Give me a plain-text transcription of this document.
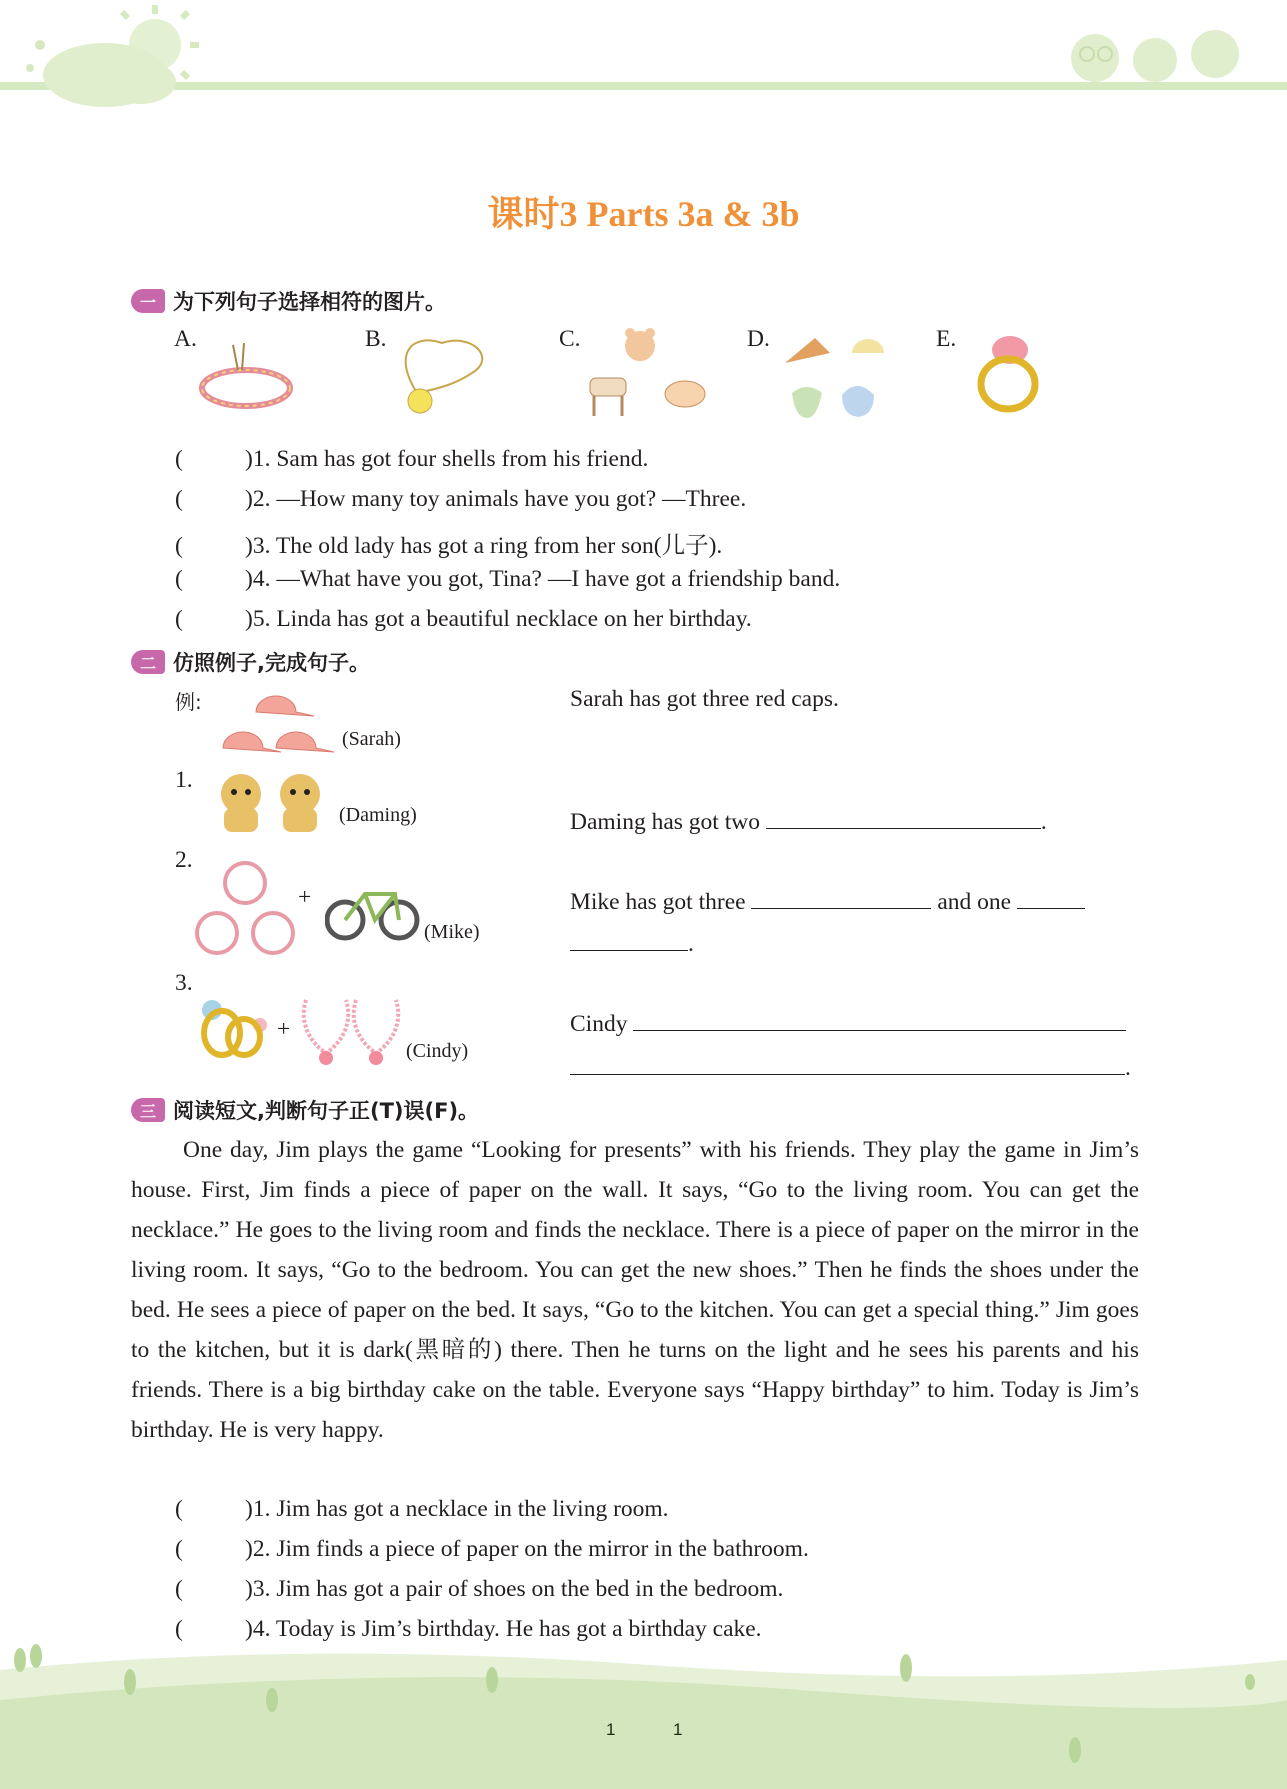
课时3 Parts 3a & 3b
一 为下列句子选择相符的图片。
A.	B.	C.	D.	E.
(	)1. Sam has got four shells from his friend.
(	)2. —How many toy animals have you got? —Three.
(	)3. The old lady has got a ring from her son(儿子).
(	)4. —What have you got, Tina? —I have got a friendship band.
(	)5. Linda has got a beautiful necklace on her birthday.
二 仿照例子,完成句子。
例:
(Sarah)
Sarah has got three red caps.
1.
(Daming)	Daming has got two	.
2.
+
(Mike)
Mike has got three	and one
.
3.
+
(Cindy)
Cindy
.
三 阅读短文,判断句子正(T)误(F)。
One day, Jim plays the game “Looking for presents” with his friends. They play the game in Jim’s house. First, Jim finds a piece of paper on the wall. It says, “Go to the living room. You can get the necklace.” He goes to the living room and finds the necklace. There is a piece of paper on the mirror in the living room. It says, “Go to the bedroom. You can get the new shoes.” Then he finds the shoes under the bed. He sees a piece of paper on the bed. It says, “Go to the kitchen. You can get a special thing.” Jim goes to the kitchen, but it is dark(黑暗的) there. Then he turns on the light and he sees his parents and his friends. There is a big birthday cake on the table. Everyone says “Happy birthday” to him. Today is Jim’s birthday. He is very happy.
(	)1. Jim has got a necklace in the living room.
(	)2. Jim finds a piece of paper on the mirror in the bathroom.
(	)3. Jim has got a pair of shoes on the bed in the bedroom.
(	)4. Today is Jim’s birthday. He has got a birthday cake.
1	1
